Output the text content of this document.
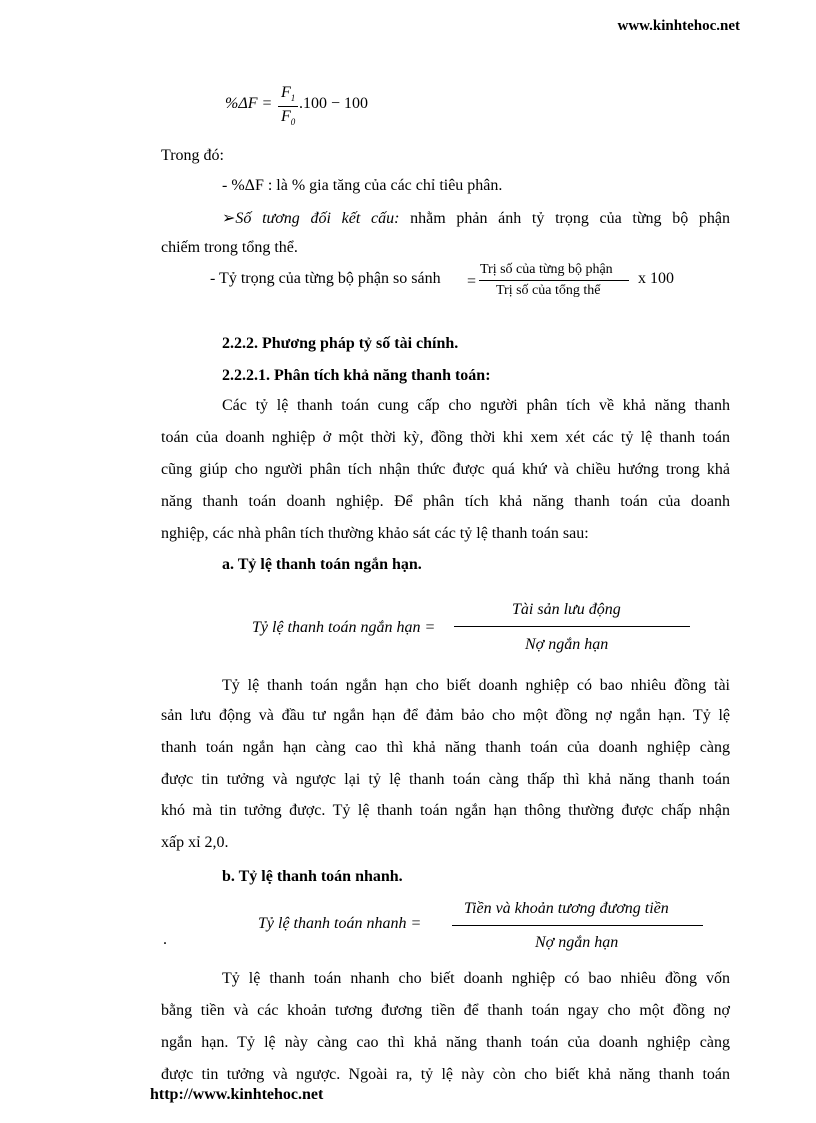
www.kinhtehoc.net
%ΔF =
$F_1$
$F_0$
.100 − 100
Trong đó:
- %ΔF : là % gia tăng của các chỉ tiêu phân.
➢Số tương đối kết cấu: nhằm phản ánh tỷ trọng của từng bộ phận
chiếm trong tổng thể.
- Tỷ trọng của từng bộ phận so sánh =
Trị số của từng bộ phận
Trị số của tổng thể
x 100
2.2.2. Phương pháp tỷ số tài chính.
2.2.2.1. Phân tích khả năng thanh toán:
Các tỷ lệ thanh toán cung cấp cho người phân tích về khả năng thanh
toán của doanh nghiệp ở một thời kỳ, đồng thời khi xem xét các tỷ lệ thanh toán
cũng giúp cho người phân tích nhận thức được quá khứ và chiều hướng trong khả
năng thanh toán doanh nghiệp. Để phân tích khả năng thanh toán của doanh
nghiệp, các nhà phân tích thường khảo sát các tỷ lệ thanh toán sau:
a. Tỷ lệ thanh toán ngắn hạn.
Tỷ lệ thanh toán ngắn hạn =
Tài sản lưu động
Nợ ngắn hạn
Tỷ lệ thanh toán ngắn hạn cho biết doanh nghiệp có bao nhiêu đồng tài
sản lưu động và đầu tư ngắn hạn để đảm bảo cho một đồng nợ ngắn hạn. Tỷ lệ
thanh toán ngắn hạn càng cao thì khả năng thanh toán của doanh nghiệp càng
được tin tưởng và ngược lại tỷ lệ thanh toán càng thấp thì khả năng thanh toán
khó mà tin tưởng được. Tỷ lệ thanh toán ngắn hạn thông thường được chấp nhận
xấp xỉ 2,0.
b. Tỷ lệ thanh toán nhanh.
.
Tỷ lệ thanh toán nhanh =
Tiền và khoản tương đương tiền
Nợ ngắn hạn
Tỷ lệ thanh toán nhanh cho biết doanh nghiệp có bao nhiêu đồng vốn
bằng tiền và các khoản tương đương tiền để thanh toán ngay cho một đồng nợ
ngắn hạn. Tỷ lệ này càng cao thì khả năng thanh toán của doanh nghiệp càng
được tin tưởng và ngược. Ngoài ra, tỷ lệ này còn cho biết khả năng thanh toán
http://www.kinhtehoc.net
